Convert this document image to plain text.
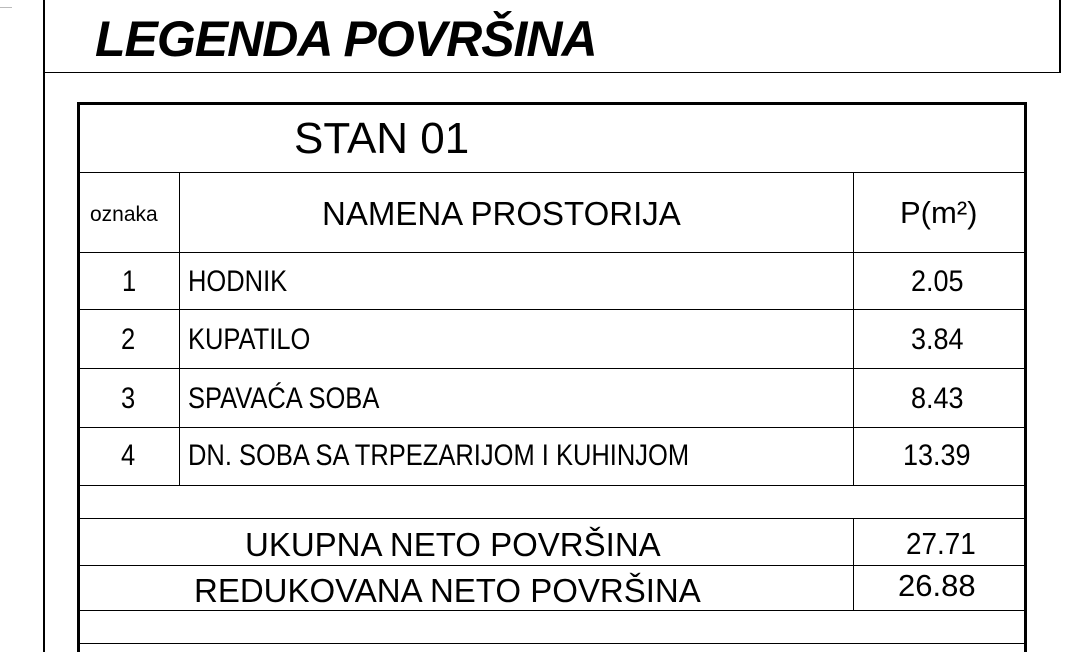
LEGENDA POVRŠINA
STAN 01
oznaka	NAMENA PROSTORIJA	P(m²)
1 HODNIK	2.05
2 KUPATILO	3.84
3 SPAVAĆA SOBA	8.43
4 DN. SOBA SA TRPEZARIJOM I KUHINJOM	13.39
UKUPNA NETO POVRŠINA	27.71
REDUKOVANA NETO POVRŠINA	26.88
